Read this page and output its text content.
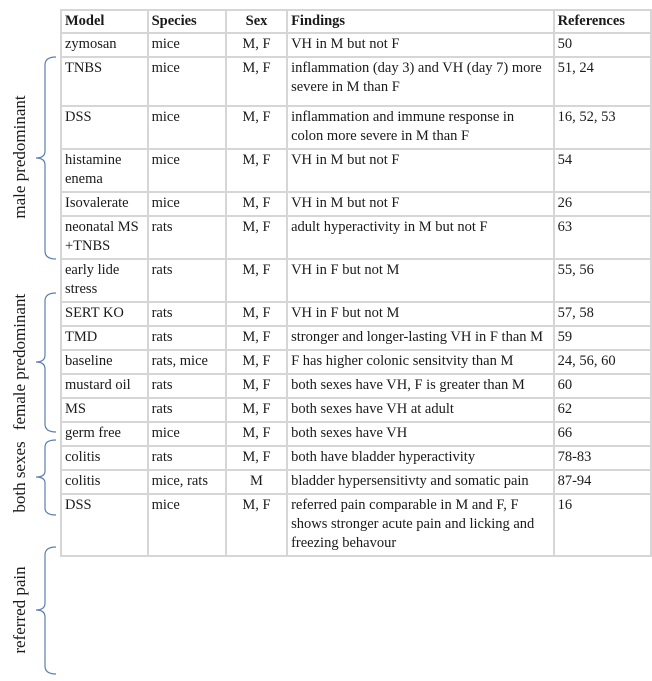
male predominant
female predominant
both sexes
referred pain
Model	Species	Sex	Findings	References
zymosan	mice	M, F	VH in M but not F	50
TNBS	mice	M, F	inflammation (day 3) and VH (day 7) more severe in M than F	51, 24
DSS	mice	M, F	inflammation and immune response in colon more severe in M than F	16, 52, 53
histamine enema	mice	M, F	VH in M but not F	54
Isovalerate	mice	M, F	VH in M but not F	26
neonatal MS+TNBS	rats	M, F	adult hyperactivity in M but not F	63
early lide stress	rats	M, F	VH in F but not M	55, 56
SERT KO	rats	M, F	VH in F but not M	57, 58
TMD	rats	M, F	stronger and longer-lasting VH in F than M	59
baseline	rats, mice	M, F	F has higher colonic sensitvity than M	24, 56, 60
mustard oil	rats	M, F	both sexes have VH, F is greater than M	60
MS	rats	M, F	both sexes have VH at adult	62
germ free	mice	M, F	both sexes have VH	66
colitis	rats	M, F	both have bladder hyperactivity	78-83
colitis	mice, rats	M	bladder hypersensitivty and somatic pain	87-94
DSS	mice	M, F	referred pain comparable in M and F, F shows stronger acute pain and licking and freezing behavour	16
